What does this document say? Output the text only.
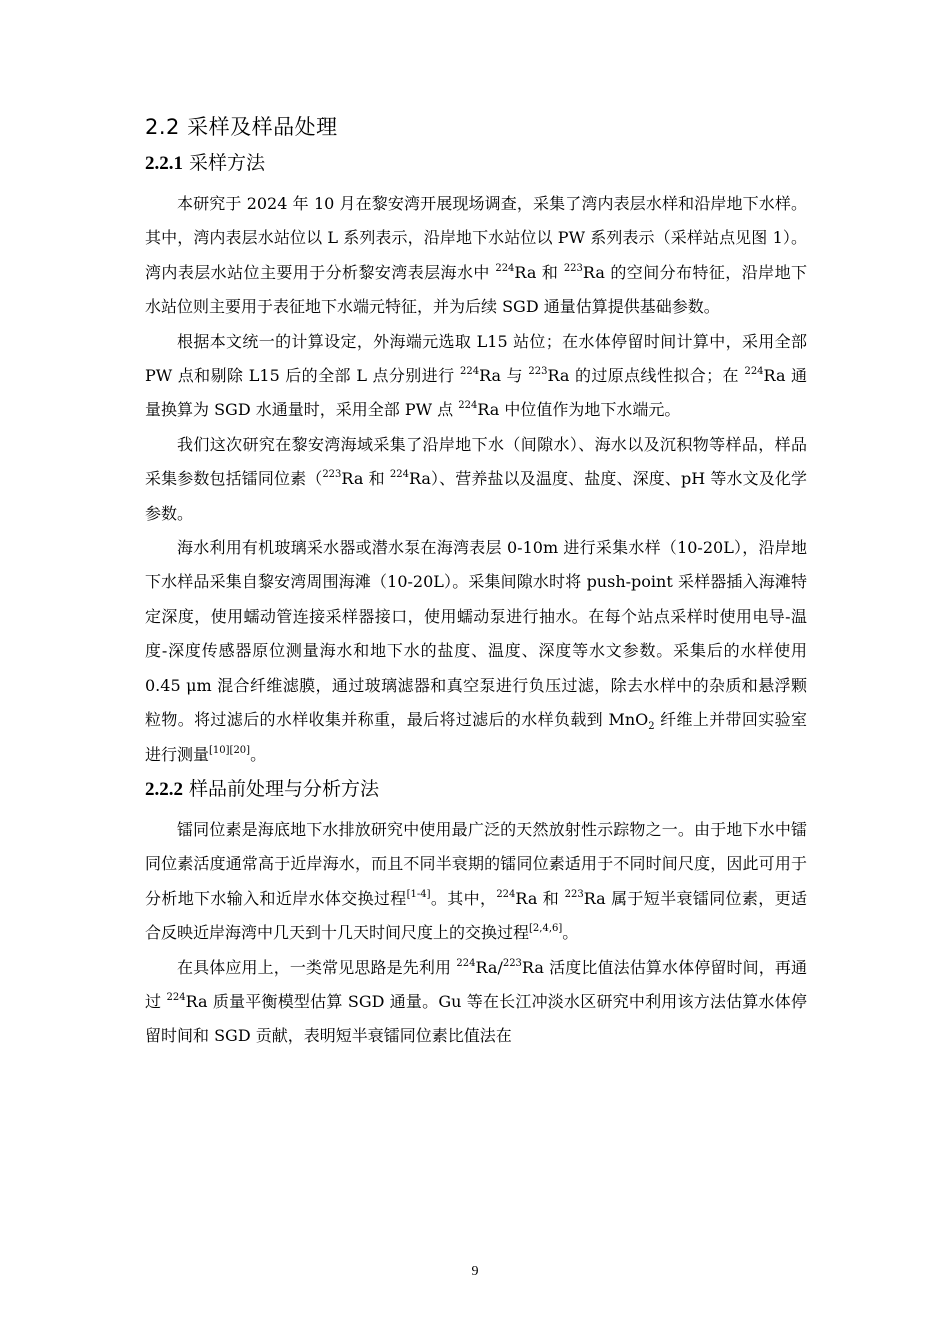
2.2 采样及样品处理
2.2.1 采样方法

本研究于 2024 年 10 月在黎安湾开展现场调查，采集了湾内表层水样和沿岸地下水样。其中，湾内表层水站位以 L 系列表示，沿岸地下水站位以 PW 系列表示（采样站点见图 1）。湾内表层水站位主要用于分析黎安湾表层海水中 $^{224}$Ra 和 $^{223}$Ra 的空间分布特征，沿岸地下水站位则主要用于表征地下水端元特征，并为后续 SGD 通量估算提供基础参数。

根据本文统一的计算设定，外海端元选取 L15 站位；在水体停留时间计算中，采用全部 PW 点和剔除 L15 后的全部 L 点分别进行 $^{224}$Ra 与 $^{223}$Ra 的过原点线性拟合；在 $^{224}$Ra 通量换算为 SGD 水通量时，采用全部 PW 点 $^{224}$Ra 中位值作为地下水端元。

我们这次研究在黎安湾海域采集了沿岸地下水（间隙水）、海水以及沉积物等样品，样品采集参数包括镭同位素（$^{223}$Ra 和 $^{224}$Ra）、营养盐以及温度、盐度、深度、pH 等水文及化学参数。

海水利用有机玻璃采水器或潜水泵在海湾表层 0-10m 进行采集水样（10-20L），沿岸地下水样品采集自黎安湾周围海滩（10-20L）。采集间隙水时将 push-point 采样器插入海滩特定深度，使用蠕动管连接采样器接口，使用蠕动泵进行抽水。在每个站点采样时使用电导-温度-深度传感器原位测量海水和地下水的盐度、温度、深度等水文参数。采集后的水样使用 0.45 μm 混合纤维滤膜，通过玻璃滤器和真空泵进行负压过滤，除去水样中的杂质和悬浮颗粒物。将过滤后的水样收集并称重，最后将过滤后的水样负载到 MnO$_2$ 纤维上并带回实验室进行测量[10][20]。

2.2.2 样品前处理与分析方法

镭同位素是海底地下水排放研究中使用最广泛的天然放射性示踪物之一。由于地下水中镭同位素活度通常高于近岸海水，而且不同半衰期的镭同位素适用于不同时间尺度，因此可用于分析地下水输入和近岸水体交换过程[1-4]。其中，$^{224}$Ra 和 $^{223}$Ra 属于短半衰镭同位素，更适合反映近岸海湾中几天到十几天时间尺度上的交换过程[2,4,6]。

在具体应用上，一类常见思路是先利用 $^{224}$Ra/$^{223}$Ra 活度比值法估算水体停留时间，再通过 $^{224}$Ra 质量平衡模型估算 SGD 通量。Gu 等在长江冲淡水区研究中利用该方法估算水体停留时间和 SGD 贡献，表明短半衰镭同位素比值法在

9
